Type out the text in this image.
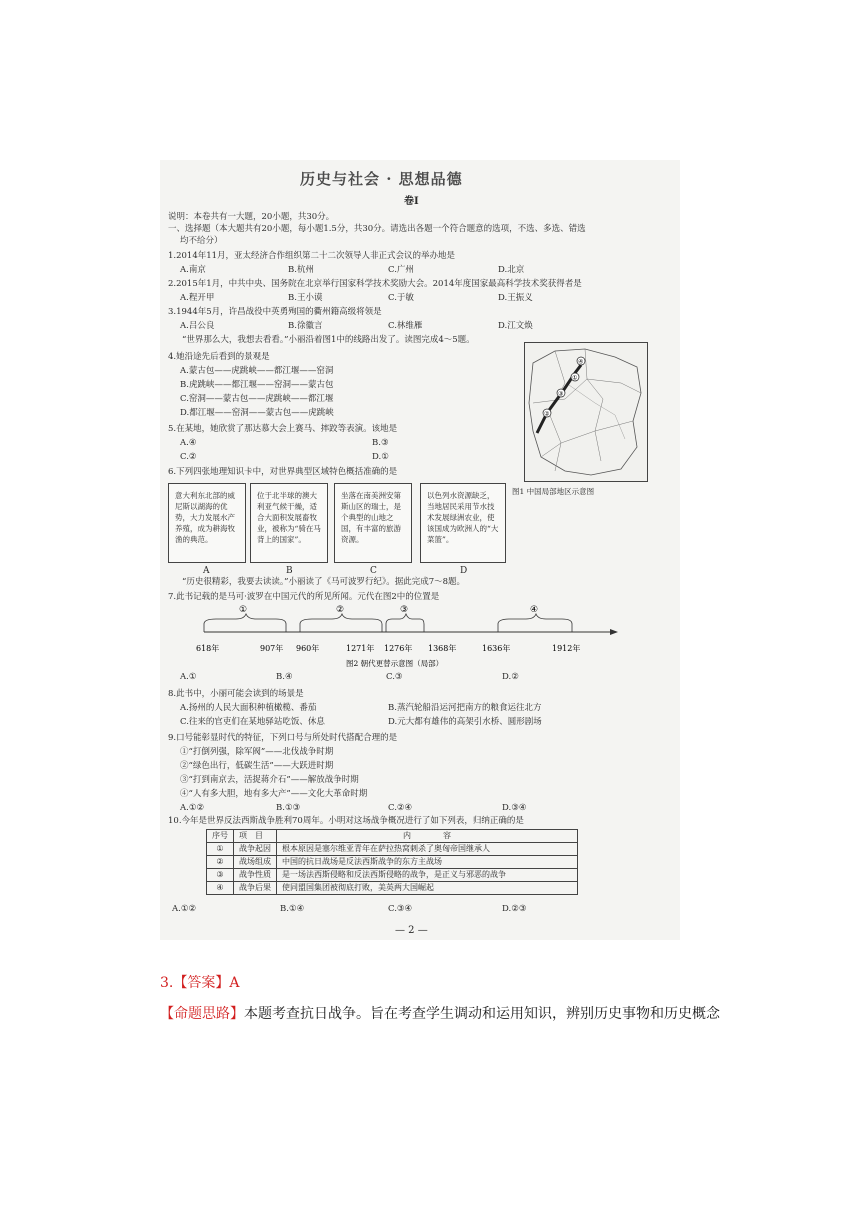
历史与社会 · 思想品德
卷Ⅰ
说明：本卷共有一大题，20小题，共30分。
一、选择题（本大题共有20小题，每小题1.5分，共30分。请选出各题一个符合题意的选项，不选、多选、错选
均不给分）
1.2014年11月，亚太经济合作组织第二十二次领导人非正式会议的举办地是
A.南京	B.杭州	C.广州	D.北京
2.2015年1月，中共中央、国务院在北京举行国家科学技术奖励大会。2014年度国家最高科学技术奖获得者是
A.程开甲	B.王小谟	C.于敏	D.王振义
3.1944年5月，许昌战役中英勇殉国的衢州籍高级将领是
A.吕公良	B.徐徽言	C.林维雁	D.江文焕
“世界那么大，我想去看看。”小丽沿着图1中的线路出发了。读图完成4～5题。
4.她沿途先后看到的景观是
A.蒙古包——虎跳峡——都江堰——窑洞
B.虎跳峡——都江堰——窑洞——蒙古包
C.窑洞——蒙古包——虎跳峡——都江堰
D.都江堰——窑洞——蒙古包——虎跳峡
5.在某地，她欣赏了那达慕大会上赛马、摔跤等表演。该地是
A.④	B.③
C.②	D.①
②
③
①
④
图1 中国局部地区示意图
6.下列四张地理知识卡中，对世界典型区域特色概括准确的是
意大利东北部的威尼斯以湖海的优势，大力发展水产养殖，成为耕海牧渔的典范。
位于北半球的澳大利亚气候干燥，适合大面积发展畜牧业，被称为“骑在马背上的国家”。
坐落在南美洲安第斯山区的瑞士，是个典型的山地之国，有丰富的旅游资源。
以色列水资源缺乏，当地居民采用节水技术发展绿洲农业，使该国成为欧洲人的“大菜篮”。
A	B	C	D
“历史很精彩，我要去读读。”小丽读了《马可波罗行纪》。据此完成7～8题。
7.此书记载的是马可·波罗在中国元代的所见所闻。元代在图2中的位置是
①	②	③	④
618年	907年 960年	1271年 1276年 1368年	1636年	1912年
图2 朝代更替示意图（局部）
A.①	B.④	C.③	D.②
8.此书中，小丽可能会读到的场景是
A.扬州的人民大面积种植橄榄、番茄	B.蒸汽轮船沿运河把南方的粮食运往北方
C.往来的官吏们在某地驿站吃饭、休息	D.元大都有雄伟的高架引水桥、圆形剧场
9.口号能彰显时代的特征，下列口号与所处时代搭配合理的是
①“打倒列强，除军阀”——北伐战争时期
②“绿色出行，低碳生活”——大跃进时期
③“打到南京去，活捉蒋介石”——解放战争时期
④“人有多大胆，地有多大产”——文化大革命时期
A.①②	B.①③	C.②④	D.③④
10.今年是世界反法西斯战争胜利70周年。小明对这场战争概况进行了如下列表，归纳正确的是
序号	项　目	内　　　　容
①	战争起因	根本原因是塞尔维亚青年在萨拉热窝刺杀了奥匈帝国继承人
②	战场组成	中国的抗日战场是反法西斯战争的东方主战场
③	战争性质	是一场法西斯侵略和反法西斯侵略的战争，是正义与邪恶的战争
④	战争后果	使同盟国集团被彻底打败，美英两大国崛起
A.①②	B.①④	C.③④	D.②③
— 2 —
3.【答案】A
【命题思路】本题考查抗日战争。旨在考查学生调动和运用知识，辨别历史事物和历史概念
